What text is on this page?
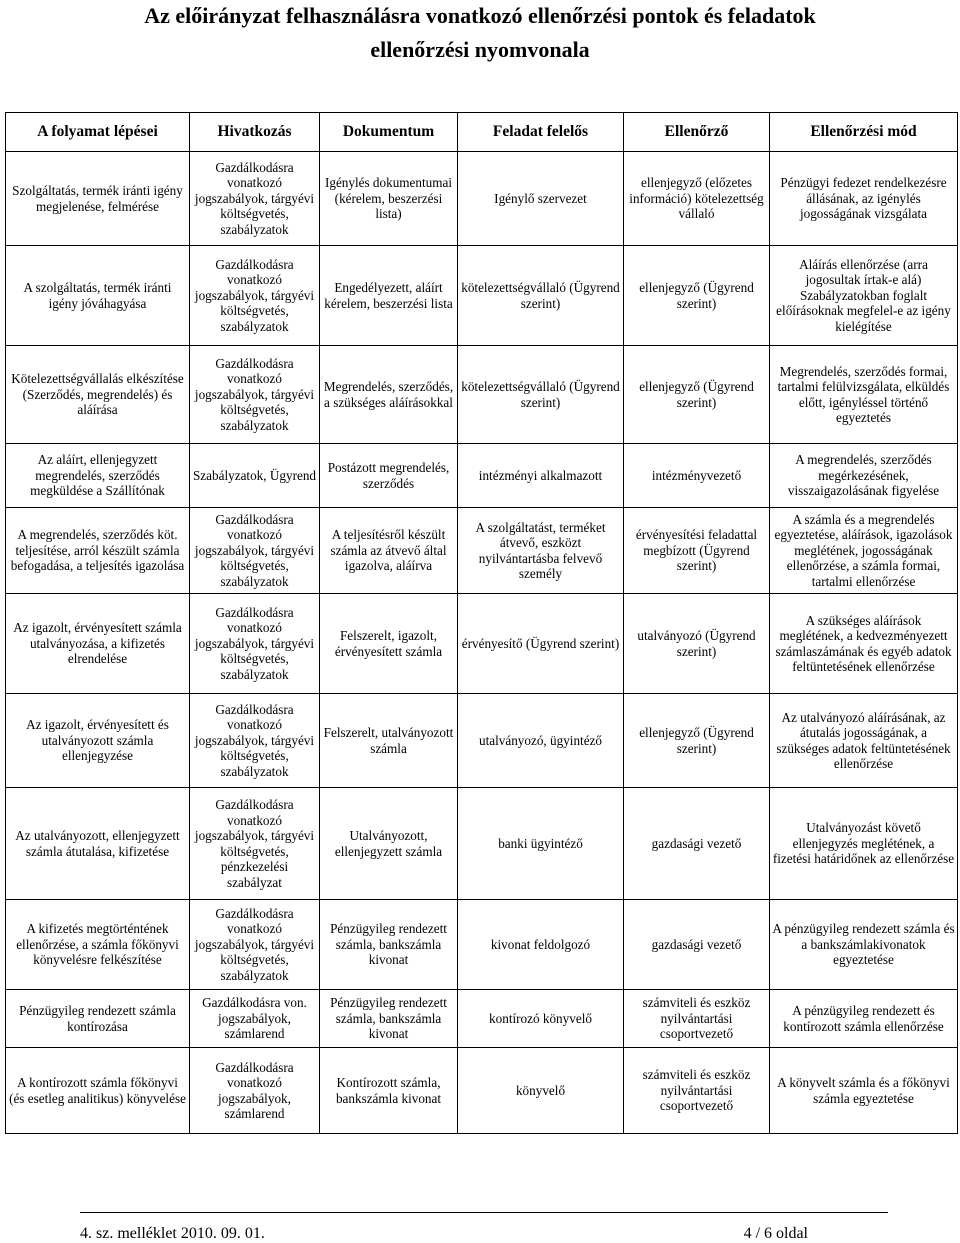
Az előirányzat felhasználásra vonatkozó ellenőrzési pontok és feladatok
ellenőrzési nyomvonala
A folyamat lépései	Hivatkozás	Dokumentum	Feladat felelős	Ellenőrző	Ellenőrzési mód
Szolgáltatás, termék iránti igény megjelenése, felmérése	Gazdálkodásra vonatkozó jogszabályok, tárgyévi költségvetés, szabályzatok	Igénylés dokumentumai (kérelem, beszerzési lista)	Igénylő szervezet	ellenjegyző (előzetes információ) kötelezettség vállaló	Pénzügyi fedezet rendelkezésre állásának, az igénylés jogosságának vizsgálata
A szolgáltatás, termék iránti igény jóváhagyása	Gazdálkodásra vonatkozó jogszabályok, tárgyévi költségvetés, szabályzatok	Engedélyezett, aláírt kérelem, beszerzési lista	kötelezettségvállaló (Ügyrend szerint)	ellenjegyző (Ügyrend szerint)	Aláírás ellenőrzése (arra jogosultak írtak-e alá) Szabályzatokban foglalt előírásoknak megfelel-e az igény kielégítése
Kötelezettségvállalás elkészítése (Szerződés, megrendelés) és aláírása	Gazdálkodásra vonatkozó jogszabályok, tárgyévi költségvetés, szabályzatok	Megrendelés, szerződés, a szükséges aláírásokkal	kötelezettségvállaló (Ügyrend szerint)	ellenjegyző (Ügyrend szerint)	Megrendelés, szerződés formai, tartalmi felülvizsgálata, elküldés előtt, igényléssel történő egyeztetés
Az aláírt, ellenjegyzett megrendelés, szerződés megküldése a Szállítónak	Szabályzatok, Ügyrend	Postázott megrendelés, szerződés	intézményi alkalmazott	intézményvezető	A megrendelés, szerződés megérkezésének, visszaigazolásának figyelése
A megrendelés, szerződés köt. teljesítése, arról készült számla befogadása, a teljesítés igazolása	Gazdálkodásra vonatkozó jogszabályok, tárgyévi költségvetés, szabályzatok	A teljesítésről készült számla az átvevő által igazolva, aláírva	A szolgáltatást, terméket átvevő, eszközt nyilvántartásba felvevő személy	érvényesítési feladattal megbízott (Ügyrend szerint)	A számla és a megrendelés egyeztetése, aláírások, igazolások meglétének, jogosságának ellenőrzése, a számla formai, tartalmi ellenőrzése
Az igazolt, érvényesített számla utalványozása, a kifizetés elrendelése	Gazdálkodásra vonatkozó jogszabályok, tárgyévi költségvetés, szabályzatok	Felszerelt, igazolt, érvényesített számla	érvényesítő (Ügyrend szerint)	utalványozó (Ügyrend szerint)	A szükséges aláírások meglétének, a kedvezményezett számlaszámának és egyéb adatok feltüntetésének ellenőrzése
Az igazolt, érvényesített és utalványozott számla ellenjegyzése	Gazdálkodásra vonatkozó jogszabályok, tárgyévi költségvetés, szabályzatok	Felszerelt, utalványozott számla	utalványozó, ügyintéző	ellenjegyző (Ügyrend szerint)	Az utalványozó aláírásának, az átutalás jogosságának, a szükséges adatok feltüntetésének ellenőrzése
Az utalványozott, ellenjegyzett számla átutalása, kifizetése	Gazdálkodásra vonatkozó jogszabályok, tárgyévi költségvetés, pénzkezelési szabályzat	Utalványozott, ellenjegyzett számla	banki ügyintéző	gazdasági vezető	Utalványozást követő ellenjegyzés meglétének, a fizetési határidőnek az ellenőrzése
A kifizetés megtörténtének ellenőrzése, a számla főkönyvi könyvelésre felkészítése	Gazdálkodásra vonatkozó jogszabályok, tárgyévi költségvetés, szabályzatok	Pénzügyileg rendezett számla, bankszámla kivonat	kivonat feldolgozó	gazdasági vezető	A pénzügyileg rendezett számla és a bankszámlakivonatok egyeztetése
Pénzügyileg rendezett számla kontírozása	Gazdálkodásra von. jogszabályok, számlarend	Pénzügyileg rendezett számla, bankszámla kivonat	kontírozó könyvelő	számviteli és eszköz nyilvántartási csoportvezető	A pénzügyileg rendezett és kontírozott számla ellenőrzése
A kontírozott számla főkönyvi (és esetleg analitikus) könyvelése	Gazdálkodásra vonatkozó jogszabályok, számlarend	Kontírozott számla, bankszámla kivonat	könyvelő	számviteli és eszköz nyilvántartási csoportvezető	A könyvelt számla és a főkönyvi számla egyeztetése
4. sz. melléklet 2010. 09. 01.	4 / 6 oldal
